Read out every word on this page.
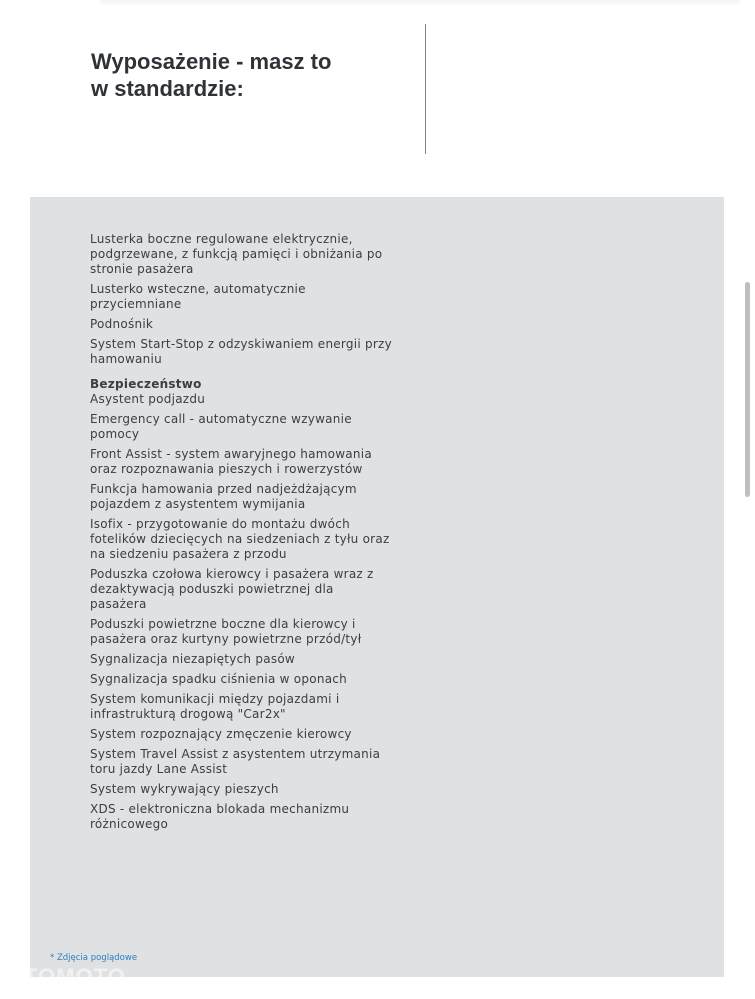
Wyposażenie - masz to
w standardzie:
Lusterka boczne regulowane elektrycznie,
podgrzewane, z funkcją pamięci i obniżania po
stronie pasażera
Lusterko wsteczne, automatycznie
przyciemniane
Podnośnik
System Start-Stop z odzyskiwaniem energii przy
hamowaniu
Bezpieczeństwo
Asystent podjazdu
Emergency call - automatyczne wzywanie
pomocy
Front Assist - system awaryjnego hamowania
oraz rozpoznawania pieszych i rowerzystów
Funkcja hamowania przed nadjeżdżającym
pojazdem z asystentem wymijania
Isofix - przygotowanie do montażu dwóch
fotelików dziecięcych na siedzeniach z tyłu oraz
na siedzeniu pasażera z przodu
Poduszka czołowa kierowcy i pasażera wraz z
dezaktywacją poduszki powietrznej dla
pasażera
Poduszki powietrzne boczne dla kierowcy i
pasażera oraz kurtyny powietrzne przód/tył
Sygnalizacja niezapiętych pasów
Sygnalizacja spadku ciśnienia w oponach
System komunikacji między pojazdami i
infrastrukturą drogową "Car2x"
System rozpoznający zmęczenie kierowcy
System Travel Assist z asystentem utrzymania
toru jazdy Lane Assist
System wykrywający pieszych
XDS - elektroniczna blokada mechanizmu
różnicowego
* Zdjęcia poglądowe
OTOMOTO
